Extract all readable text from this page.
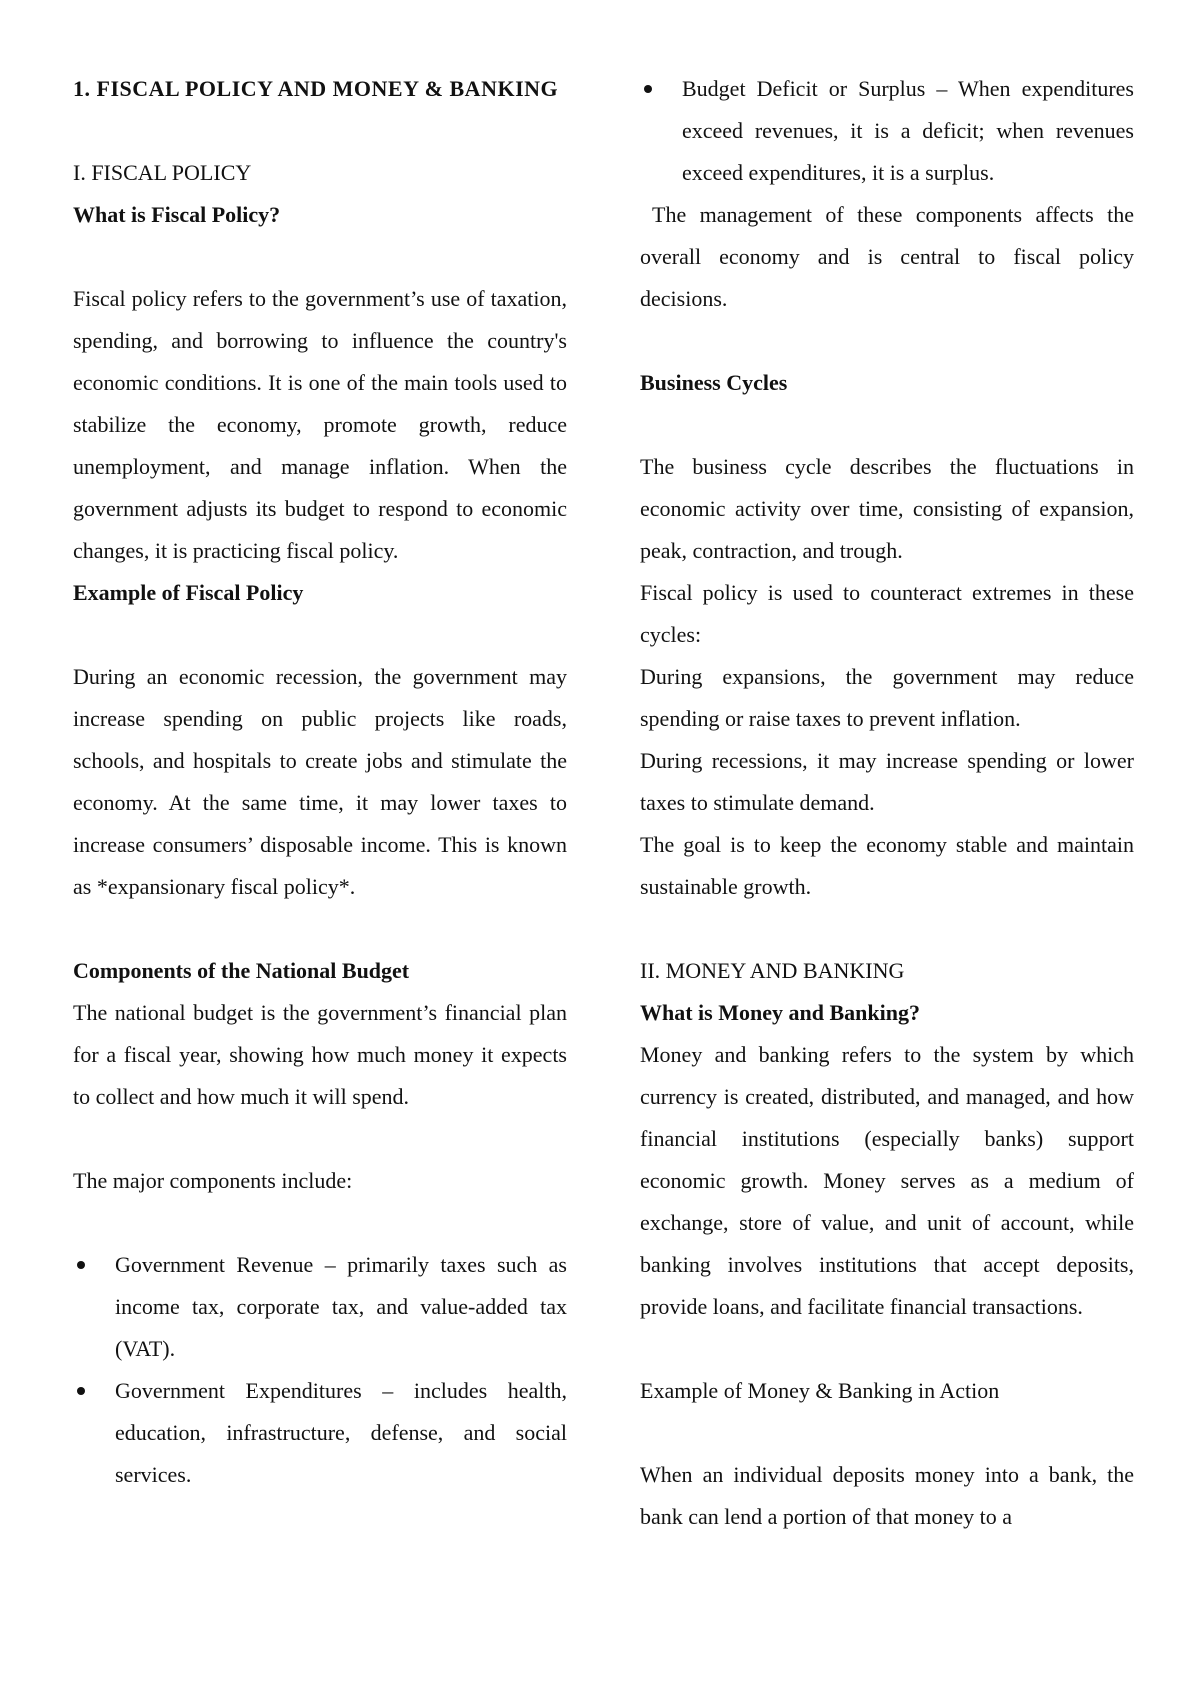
1. FISCAL POLICY AND MONEY & BANKING

I. FISCAL POLICY

What is Fiscal Policy?

Fiscal policy refers to the government’s use of taxation, spending, and borrowing to influence the country's economic conditions. It is one of the main tools used to stabilize the economy, promote growth, reduce unemployment, and manage inflation. When the government adjusts its budget to respond to economic changes, it is practicing fiscal policy.

Example of Fiscal Policy

During an economic recession, the government may increase spending on public projects like roads, schools, and hospitals to create jobs and stimulate the economy. At the same time, it may lower taxes to increase consumers’ disposable income. This is known as *expansionary fiscal policy*.

Components of the National Budget

The national budget is the government’s financial plan for a fiscal year, showing how much money it expects to collect and how much it will spend.

The major components include:

Government Revenue – primarily taxes such as income tax, corporate tax, and value-added tax (VAT).
Government Expenditures – includes health, education, infrastructure, defense, and social services.
Budget Deficit or Surplus – When expenditures exceed revenues, it is a deficit; when revenues exceed expenditures, it is a surplus.

The management of these components affects the overall economy and is central to fiscal policy decisions.

Business Cycles

The business cycle describes the fluctuations in economic activity over time, consisting of expansion, peak, contraction, and trough.

Fiscal policy is used to counteract extremes in these cycles:

During expansions, the government may reduce spending or raise taxes to prevent inflation.

During recessions, it may increase spending or lower taxes to stimulate demand.

The goal is to keep the economy stable and maintain sustainable growth.

II. MONEY AND BANKING

What is Money and Banking?

Money and banking refers to the system by which currency is created, distributed, and managed, and how financial institutions (especially banks) support economic growth. Money serves as a medium of exchange, store of value, and unit of account, while banking involves institutions that accept deposits, provide loans, and facilitate financial transactions.

Example of Money & Banking in Action

When an individual deposits money into a bank, the bank can lend a portion of that money to a
